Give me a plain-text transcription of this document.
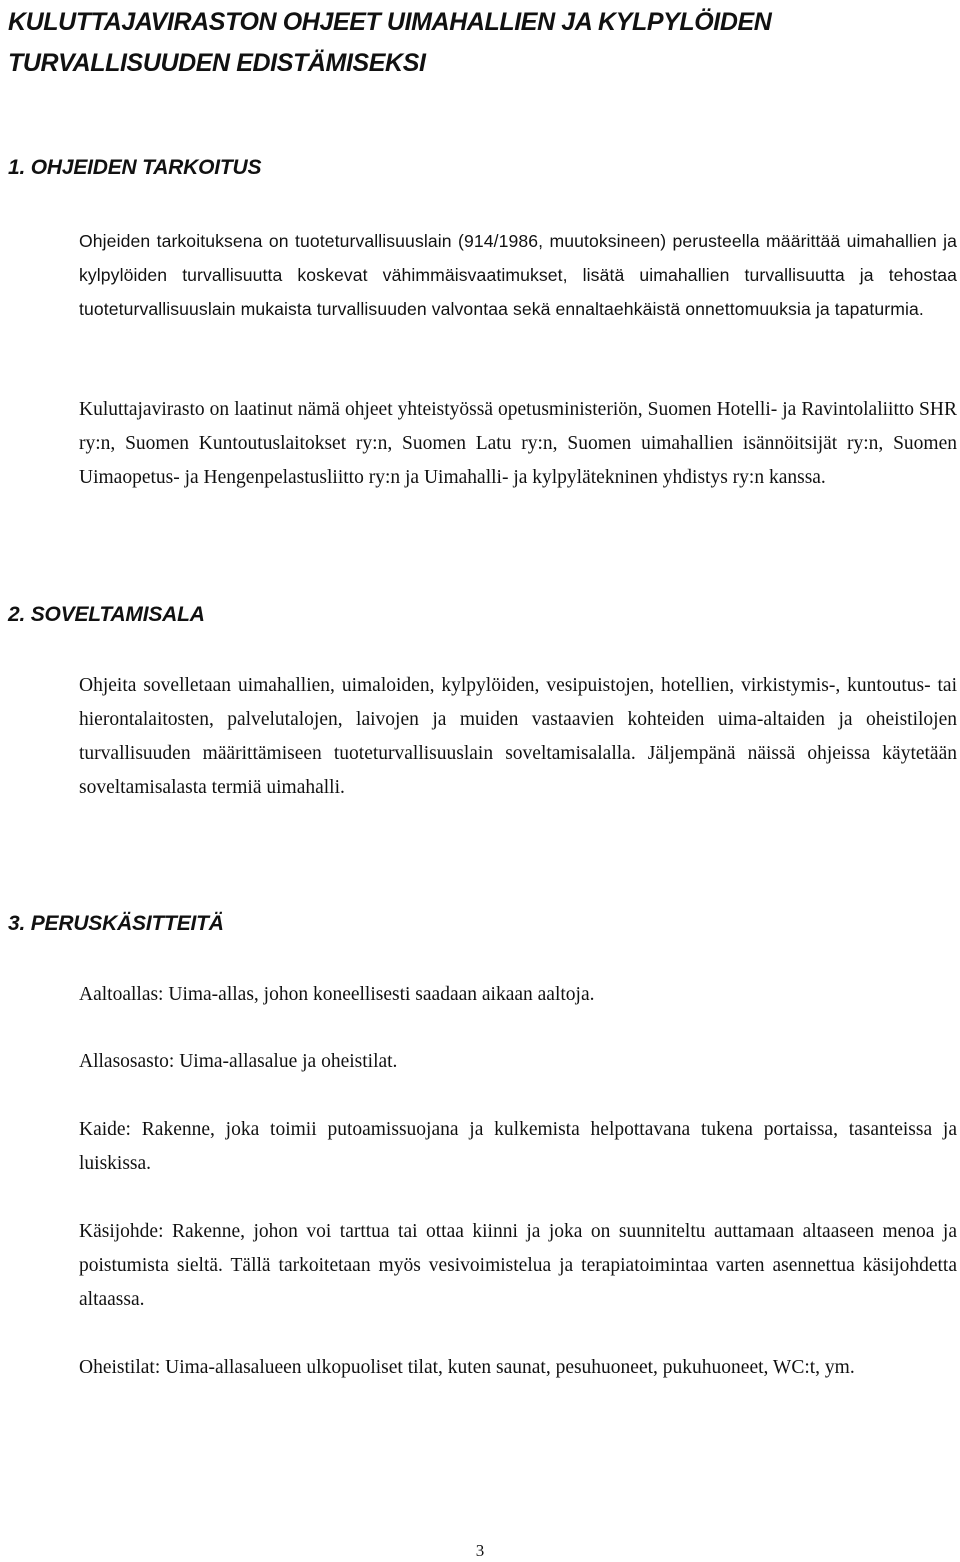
KULUTTAJAVIRASTON OHJEET UIMAHALLIEN JA KYLPYLÖIDEN TURVALLISUUDEN EDISTÄMISEKSI
1. OHJEIDEN TARKOITUS

Ohjeiden tarkoituksena on tuoteturvallisuuslain (914/1986, muutoksineen) perusteella määrittää uimahallien ja kylpylöiden turvallisuutta koskevat vähimmäisvaatimukset, lisätä uimahallien turvallisuutta ja tehostaa tuoteturvallisuuslain mukaista turvallisuuden valvontaa sekä ennaltaehkäistä onnettomuuksia ja tapaturmia.

Kuluttajavirasto on laatinut nämä ohjeet yhteistyössä opetusministeriön, Suomen Hotelli- ja Ravintolaliitto SHR ry:n, Suomen Kuntoutuslaitokset ry:n, Suomen Latu ry:n, Suomen uimahallien isännöitsijät ry:n, Suomen Uimaopetus- ja Hengenpelastusliitto ry:n ja Uimahalli- ja kylpylätekninen yhdistys ry:n kanssa.

2. SOVELTAMISALA

Ohjeita sovelletaan uimahallien, uimaloiden, kylpylöiden, vesipuistojen, hotellien, virkistymis-, kuntoutus- tai hierontalaitosten, palvelutalojen, laivojen ja muiden vastaavien kohteiden uima-altaiden ja oheistilojen turvallisuuden määrittämiseen tuoteturvallisuuslain soveltamisalalla. Jäljempänä näissä ohjeissa käytetään soveltamisalasta termiä uimahalli.

3. PERUSKÄSITTEITÄ

Aaltoallas: Uima-allas, johon koneellisesti saadaan aikaan aaltoja.

Allasosasto: Uima-allasalue ja oheistilat.

Kaide: Rakenne, joka toimii putoamissuojana ja kulkemista helpottavana tukena portaissa, tasanteissa ja luiskissa.

Käsijohde: Rakenne, johon voi tarttua tai ottaa kiinni ja joka on suunniteltu auttamaan altaaseen menoa ja poistumista sieltä. Tällä tarkoitetaan myös vesivoimistelua ja terapiatoimintaa varten asennettua käsijohdetta altaassa.

Oheistilat: Uima-allasalueen ulkopuoliset tilat, kuten saunat, pesuhuoneet, pukuhuoneet, WC:t, ym.

3
